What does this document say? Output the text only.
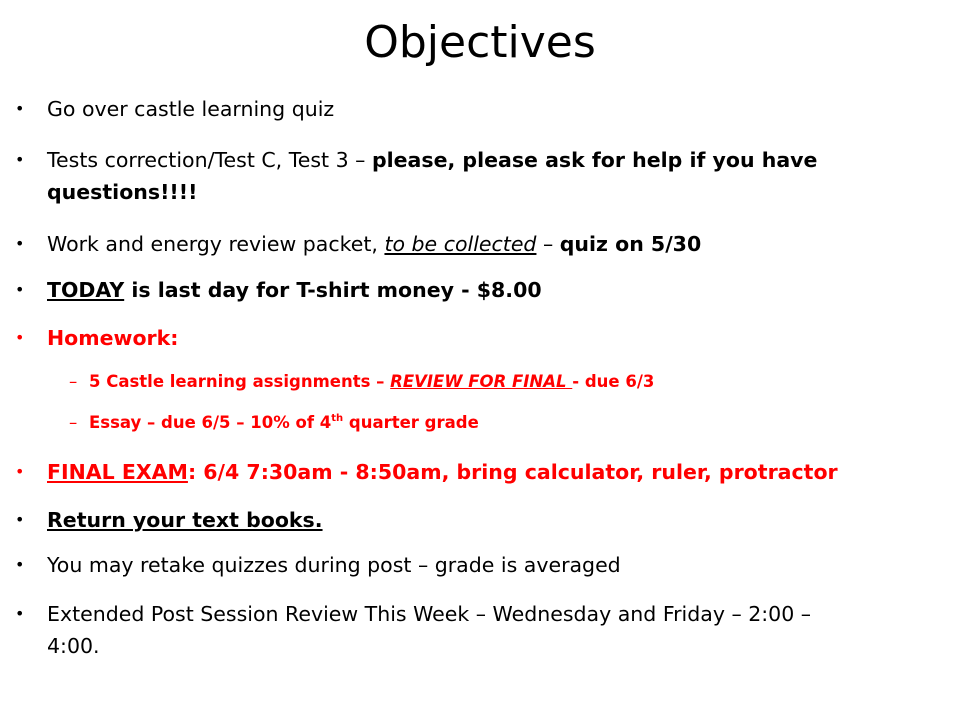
Objectives
• Go over castle learning quiz
• Tests correction/Test C, Test 3 – please, please ask for help if you have
questions!!!!
• Work and energy review packet, to be collected – quiz on 5/30
• TODAY is last day for T-shirt money - $8.00
• Homework:
– 5 Castle learning assignments – REVIEW FOR FINAL - due 6/3
– Essay – due 6/5 – 10% of 4th quarter grade
• FINAL EXAM: 6/4 7:30am - 8:50am, bring calculator, ruler, protractor
• Return your text books.
• You may retake quizzes during post – grade is averaged
• Extended Post Session Review This Week – Wednesday and Friday – 2:00 –
4:00.
